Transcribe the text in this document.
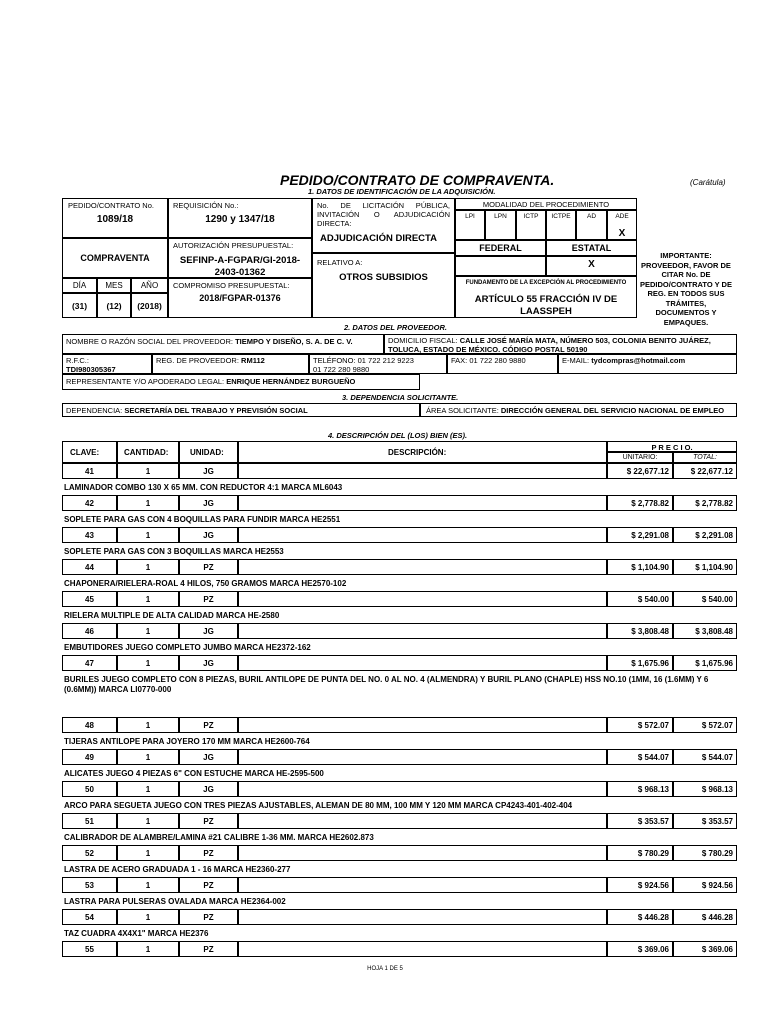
PEDIDO/CONTRATO DE COMPRAVENTA.	(Carátula)
1. DATOS DE IDENTIFICACIÓN DE LA ADQUISICIÓN.
PEDIDO/CONTRATO No.
1089/18
COMPRAVENTA
DÍA	MES	AÑO
(31)	(12)	(2018)
REQUISICIÓN No.:
1290 y 1347/18
AUTORIZACIÓN PRESUPUESTAL:
SEFINP-A-FGPAR/GI-2018-2403-01362
COMPROMISO PRESUPUESTAL:
2018/FGPAR-01376
No. DE LICITACIÓN PÚBLICA, INVITACIÓN O ADJUDICACIÓN DIRECTA:
ADJUDICACIÓN DIRECTA
RELATIVO A:
OTROS SUBSIDIOS
MODALIDAD DEL PROCEDIMIENTO
LPI	LPN	ICTP	ICTPE	AD	ADE
X
FEDERAL	ESTATAL
X
FUNDAMENTO DE LA EXCEPCIÓN AL PROCEDIMIENTO
ARTÍCULO 55 FRACCIÓN IV DE LAASSPEH
IMPORTANTE: PROVEEDOR, FAVOR DE CITAR No. DE PEDIDO/CONTRATO Y DE REG. EN TODOS SUS TRÁMITES, DOCUMENTOS Y EMPAQUES.
2. DATOS DEL PROVEEDOR.
NOMBRE O RAZÓN SOCIAL DEL PROVEEDOR: TIEMPO Y DISEÑO, S. A. DE C. V.	DOMICILIO FISCAL: CALLE JOSÉ MARÍA MATA, NÚMERO 503, COLONIA BENITO JUÁREZ, TOLUCA, ESTADO DE MÉXICO. CÓDIGO POSTAL 50190
R.F.C.:
TDI980305367
REG. DE PROVEEDOR: RM112	TELÉFONO: 01 722 212 9223
01 722 280 9880
FAX: 01 722 280 9880	E-MAIL: tydcompras@hotmail.com
REPRESENTANTE Y/O APODERADO LEGAL: ENRIQUE HERNÁNDEZ BURGUEÑO
3. DEPENDENCIA SOLICITANTE.
DEPENDENCIA: SECRETARÍA DEL TRABAJO Y PREVISIÓN SOCIAL	ÁREA SOLICITANTE: DIRECCIÓN GENERAL DEL SERVICIO NACIONAL DE EMPLEO
4. DESCRIPCIÓN DEL (LOS) BIEN (ES).
CLAVE:	CANTIDAD:	UNIDAD:	DESCRIPCIÓN:
P R E C I O.
UNITARIO:	TOTAL:
41	1	JG	$ 22,677.12	$ 22,677.12
LAMINADOR COMBO 130 X 65 MM. CON REDUCTOR 4:1 MARCA ML6043
42	1	JG	$ 2,778.82	$ 2,778.82
SOPLETE PARA GAS CON 4 BOQUILLAS PARA FUNDIR MARCA HE2551
43	1	JG	$ 2,291.08	$ 2,291.08
SOPLETE PARA GAS CON 3 BOQUILLAS MARCA HE2553
44	1	PZ	$ 1,104.90	$ 1,104.90
CHAPONERA/RIELERA-ROAL 4 HILOS, 750 GRAMOS MARCA HE2570-102
45	1	PZ	$ 540.00	$ 540.00
RIELERA MULTIPLE DE ALTA CALIDAD MARCA HE-2580
46	1	JG	$ 3,808.48	$ 3,808.48
EMBUTIDORES JUEGO COMPLETO JUMBO MARCA HE2372-162
47	1	JG	$ 1,675.96	$ 1,675.96
BURILES JUEGO COMPLETO CON 8 PIEZAS, BURIL ANTILOPE DE PUNTA DEL NO. 0 AL NO. 4 (ALMENDRA) Y BURIL PLANO (CHAPLE) HSS NO.10 (1MM, 16 (1.6MM) Y 6 (0.6MM)) MARCA LI0770-000
48	1	PZ	$ 572.07	$ 572.07
TIJERAS ANTILOPE PARA JOYERO 170 MM MARCA HE2600-764
49	1	JG	$ 544.07	$ 544.07
ALICATES JUEGO 4 PIEZAS 6" CON ESTUCHE MARCA HE-2595-500
50	1	JG	$ 968.13	$ 968.13
ARCO PARA SEGUETA JUEGO CON TRES PIEZAS AJUSTABLES, ALEMAN DE 80 MM, 100 MM Y 120 MM MARCA CP4243-401-402-404
51	1	PZ	$ 353.57	$ 353.57
CALIBRADOR DE ALAMBRE/LAMINA #21 CALIBRE 1-36 MM. MARCA HE2602.873
52	1	PZ	$ 780.29	$ 780.29
LASTRA DE ACERO GRADUADA 1 - 16 MARCA HE2360-277
53	1	PZ	$ 924.56	$ 924.56
LASTRA PARA PULSERAS OVALADA MARCA HE2364-002
54	1	PZ	$ 446.28	$ 446.28
TAZ CUADRA 4X4X1" MARCA HE2376
55	1	PZ	$ 369.06	$ 369.06
HOJA 1 DE 5
